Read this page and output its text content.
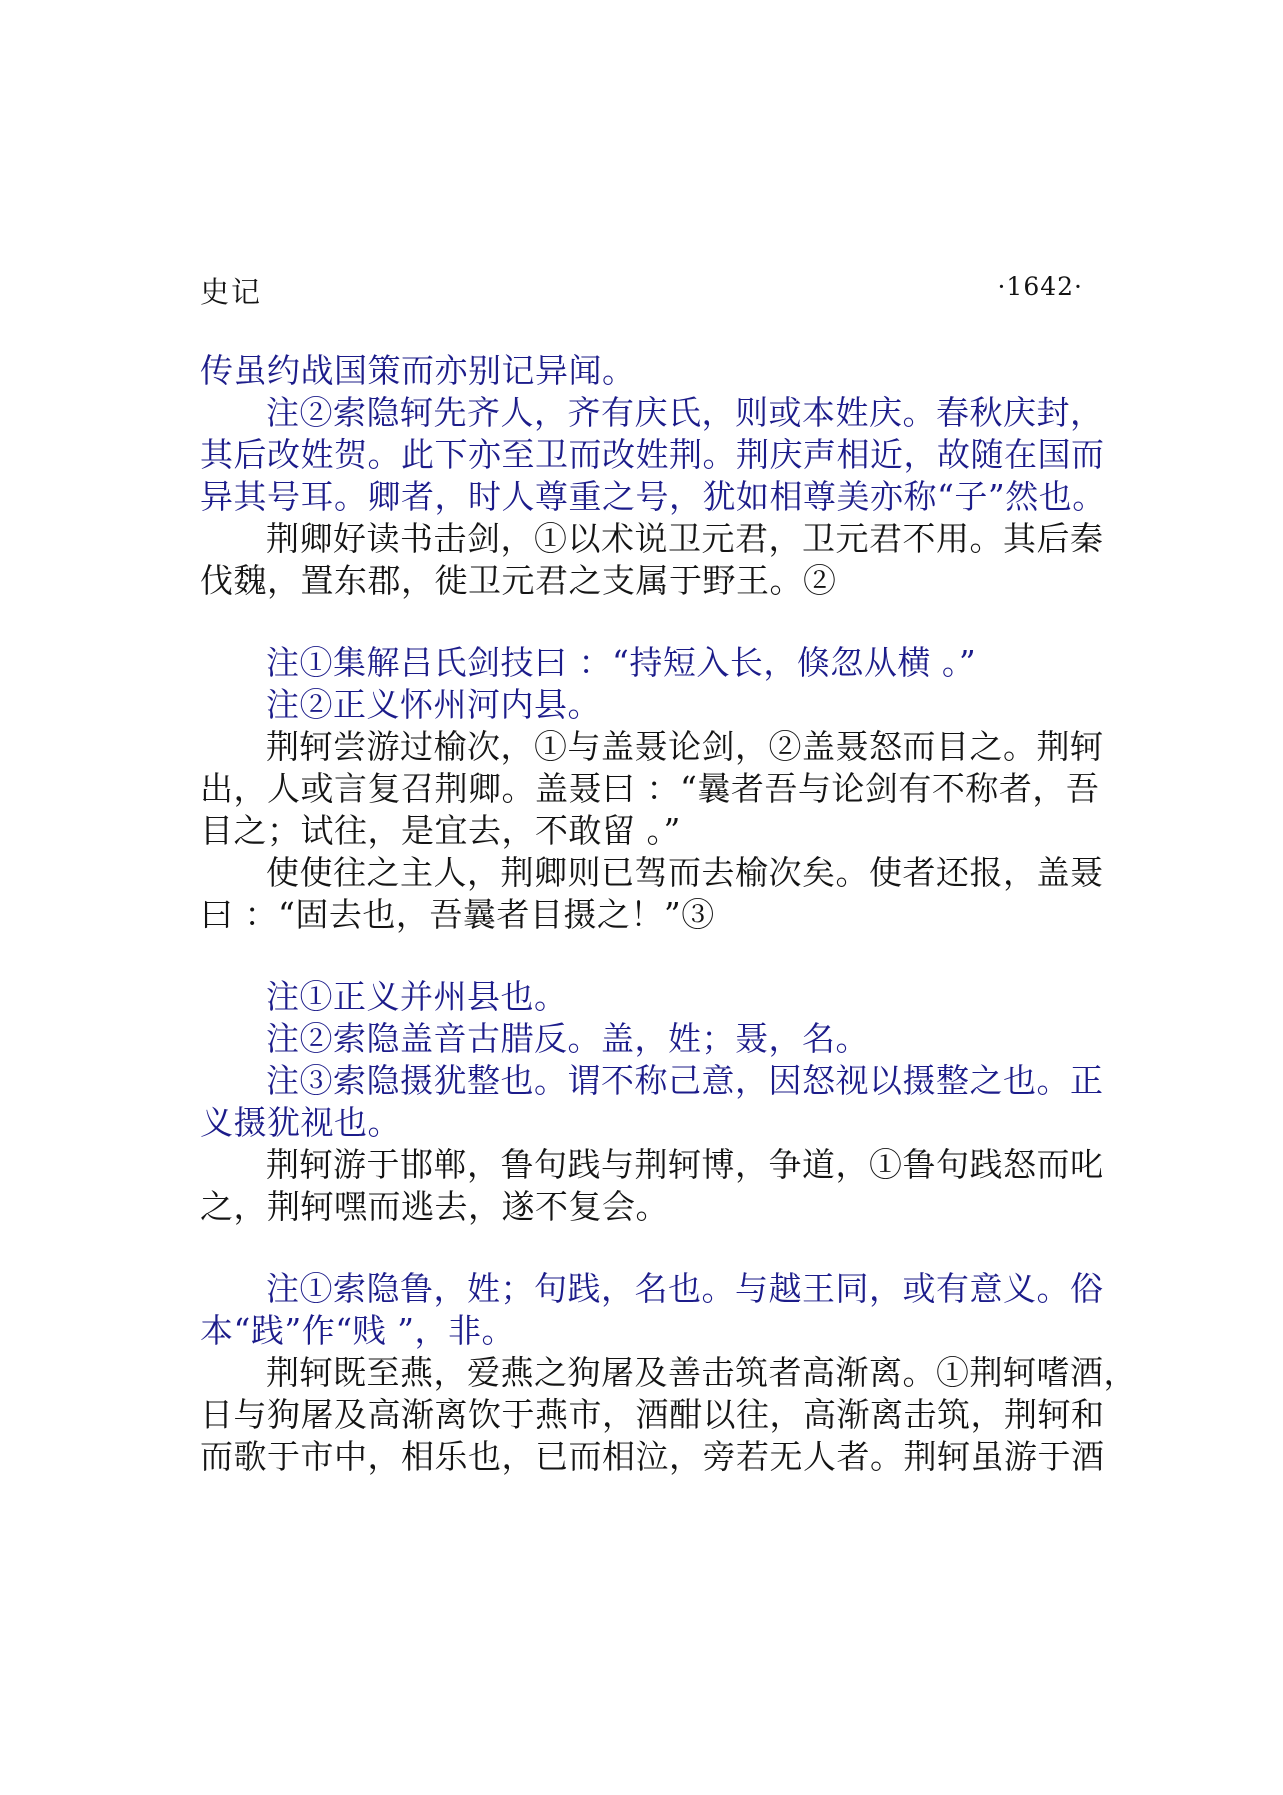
史记	·1642·
传虽约战国策而亦别记异闻。
注②索隐轲先齐人，齐有庆氏，则或本姓庆。春秋庆封，
其后改姓贺。此下亦至卫而改姓荆。荆庆声相近，故随在国而
异其号耳。卿者，时人尊重之号，犹如相尊美亦称“子”然也。
荆卿好读书击剑，①以术说卫元君，卫元君不用。其后秦
伐魏，置东郡，徙卫元君之支属于野王。②
注①集解吕氏剑技曰 ：“持短入长，倏忽从横 。”
注②正义怀州河内县。
荆轲尝游过榆次，①与盖聂论剑，②盖聂怒而目之。荆轲
出，人或言复召荆卿。盖聂曰 ：“曩者吾与论剑有不称者，吾
目之；试往，是宜去，不敢留 。”
使使往之主人，荆卿则已驾而去榆次矣。使者还报，盖聂
曰 ：“固去也，吾曩者目摄之！”③
注①正义并州县也。
注②索隐盖音古腊反。盖，姓；聂，名。
注③索隐摄犹整也。谓不称己意，因怒视以摄整之也。正
义摄犹视也。
荆轲游于邯郸，鲁句践与荆轲博，争道，①鲁句践怒而叱
之，荆轲嘿而逃去，遂不复会。
注①索隐鲁，姓；句践，名也。与越王同，或有意义。俗
本“践”作“贱 ”，非。
荆轲既至燕，爱燕之狗屠及善击筑者高渐离。①荆轲嗜酒，
日与狗屠及高渐离饮于燕市，酒酣以往，高渐离击筑，荆轲和
而歌于市中，相乐也，已而相泣，旁若无人者。荆轲虽游于酒
